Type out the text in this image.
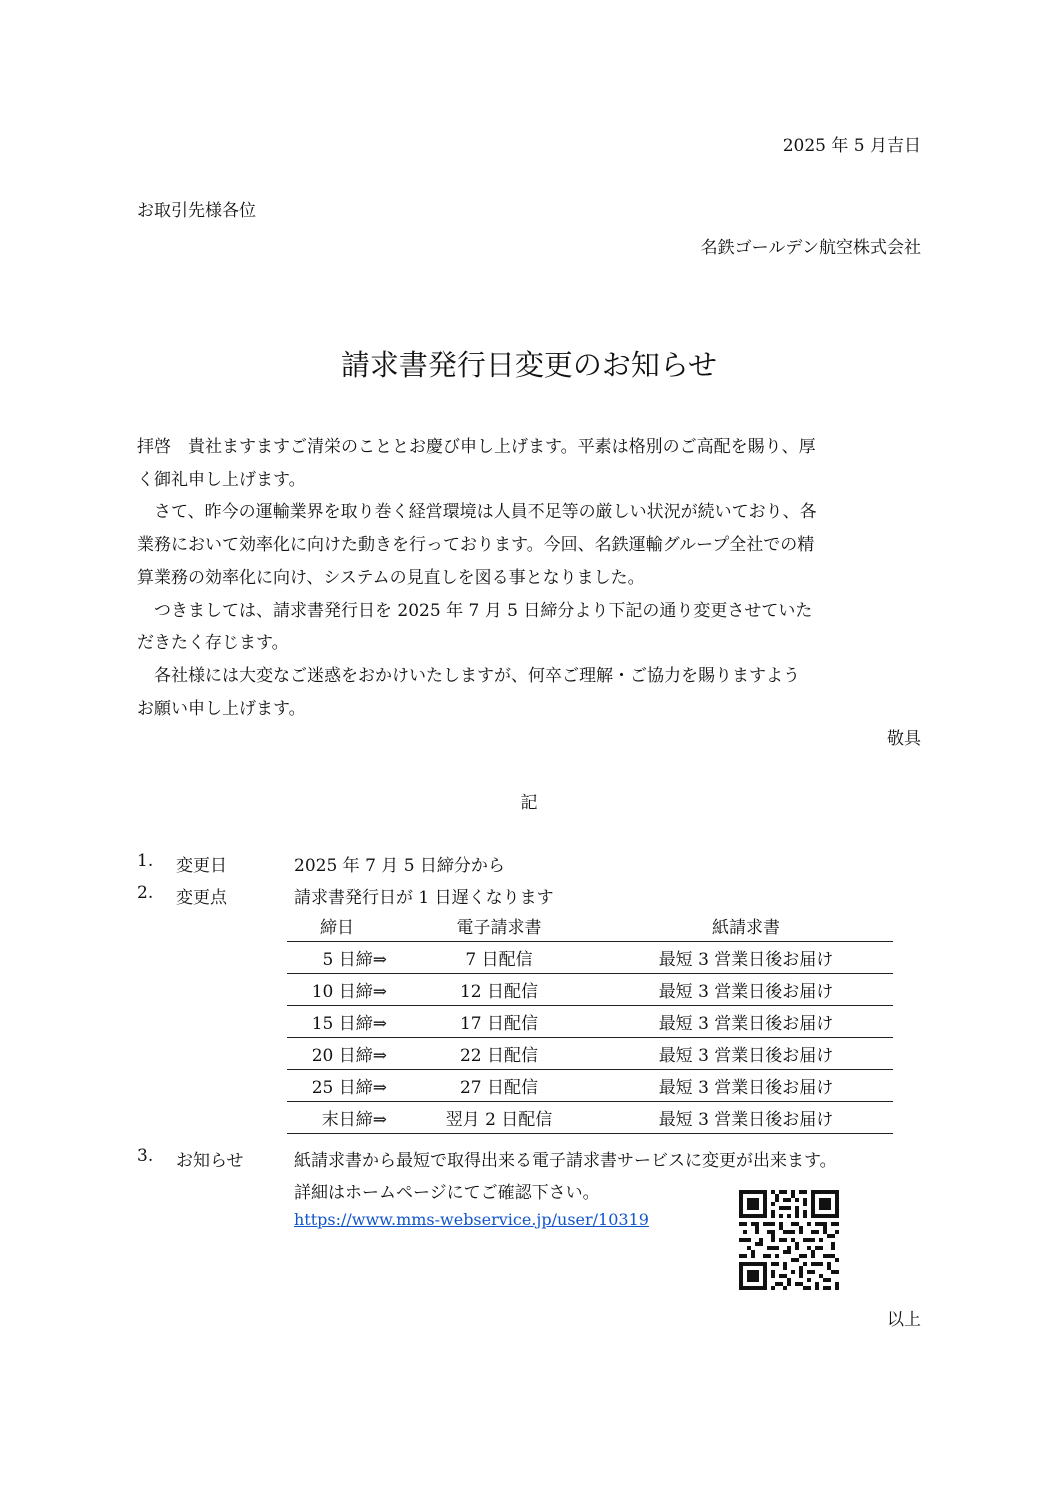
2025 年 5 月吉日
お取引先様各位
名鉄ゴールデン航空株式会社
請求書発行日変更のお知らせ

拝啓　貴社ますますご清栄のこととお慶び申し上げます。平素は格別のご高配を賜り、厚

く御礼申し上げます。

　さて、昨今の運輸業界を取り巻く経営環境は人員不足等の厳しい状況が続いており、各

業務において効率化に向けた動きを行っております。今回、名鉄運輸グループ全社での精

算業務の効率化に向け、システムの見直しを図る事となりました。

　つきましては、請求書発行日を 2025 年 7 月 5 日締分より下記の通り変更させていた

だきたく存じます。

　各社様には大変なご迷惑をおかけいたしますが、何卒ご理解・ご協力を賜りますよう

お願い申し上げます。

敬具
記
1. 変更日	2025 年 7 月 5 日締分から
2. 変更点	請求書発行日が 1 日遅くなります
締日	電子請求書	紙請求書
5 日締⇒	7 日配信	最短 3 営業日後お届け
10 日締⇒	12 日配信	最短 3 営業日後お届け
15 日締⇒	17 日配信	最短 3 営業日後お届け
20 日締⇒	22 日配信	最短 3 営業日後お届け
25 日締⇒	27 日配信	最短 3 営業日後お届け
末日締⇒	翌月 2 日配信	最短 3 営業日後お届け
3. お知らせ	紙請求書から最短で取得出来る電子請求書サービスに変更が出来ます。
詳細はホームページにてご確認下さい。
https://www.mms-webservice.jp/user/10319
以上
